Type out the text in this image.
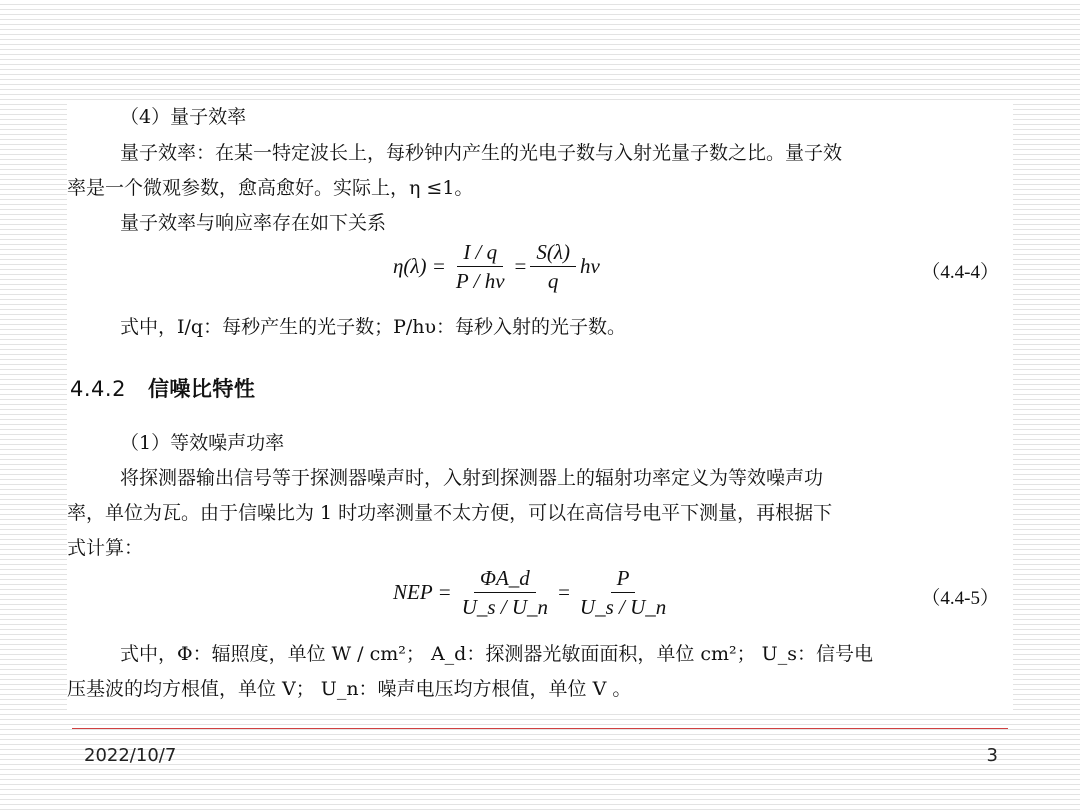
（4）量子效率
量子效率：在某一特定波长上，每秒钟内产生的光电子数与入射光量子数之比。量子效
率是一个微观参数，愈高愈好。实际上，η ≤1。
量子效率与响应率存在如下关系
$\eta(\lambda) = \frac{I / q}{P / h\nu} = \frac{S(\lambda)}{q}$ hν	（4.4-4）
式中，I/q：每秒产生的光子数；P/hυ：每秒入射的光子数。
4.4.2 信噪比特性
（1）等效噪声功率
将探测器输出信号等于探测器噪声时，入射到探测器上的辐射功率定义为等效噪声功
率，单位为瓦。由于信噪比为 1 时功率测量不太方便，可以在高信号电平下测量，再根据下
式计算：
NEP = $\frac{\Phi A\_d}{U\_s / U\_n} = \frac{P}{U\_s / U\_n}$	（4.4-5）
式中，Φ：辐照度，单位 W / cm²； A_d：探测器光敏面面积，单位 cm²； U_s：信号电
压基波的均方根值，单位 V； U_n：噪声电压均方根值，单位 V 。
2022/10/7	3
